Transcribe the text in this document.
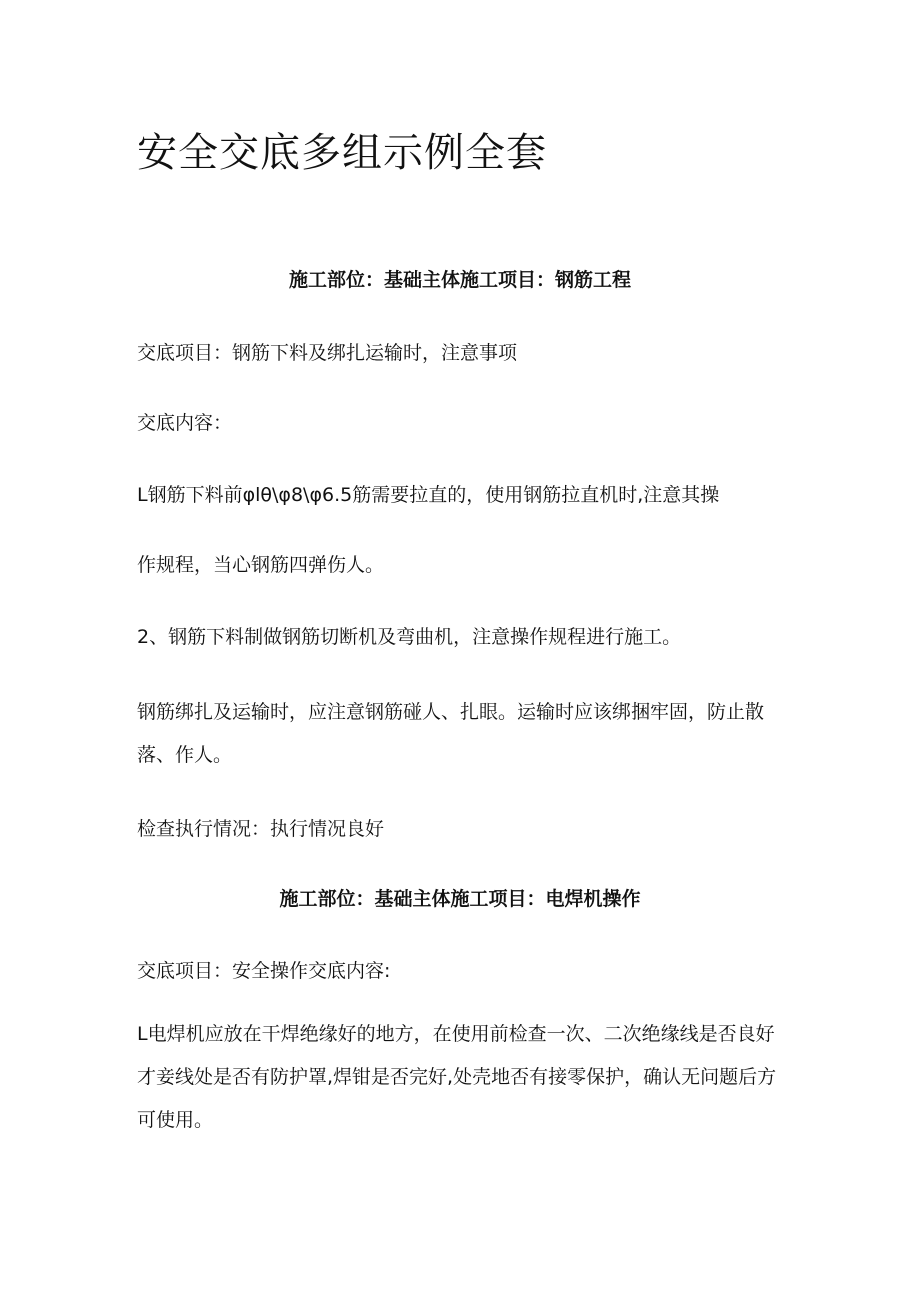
安全交底多组示例全套
施工部位：基础主体施工项目：钢筋工程

交底项目：钢筋下料及绑扎运输时，注意事项

交底内容：

L钢筋下料前φlθ\φ8\φ6.5筋需要拉直的，使用钢筋拉直机时,注意其操

作规程，当心钢筋四弹伤人。

2、钢筋下料制做钢筋切断机及弯曲机，注意操作规程进行施工。

钢筋绑扎及运输时，应注意钢筋碰人、扎眼。运输时应该绑捆牢固，防止散落、作人。

检查执行情况：执行情况良好

施工部位：基础主体施工项目：电焊机操作

交底项目：安全操作交底内容:

L电焊机应放在干焊绝缘好的地方，在使用前检查一次、二次绝缘线是否良好才妾线处是否有防护罩,焊钳是否完好,处壳地否有接零保护，确认无问题后方可使用。
